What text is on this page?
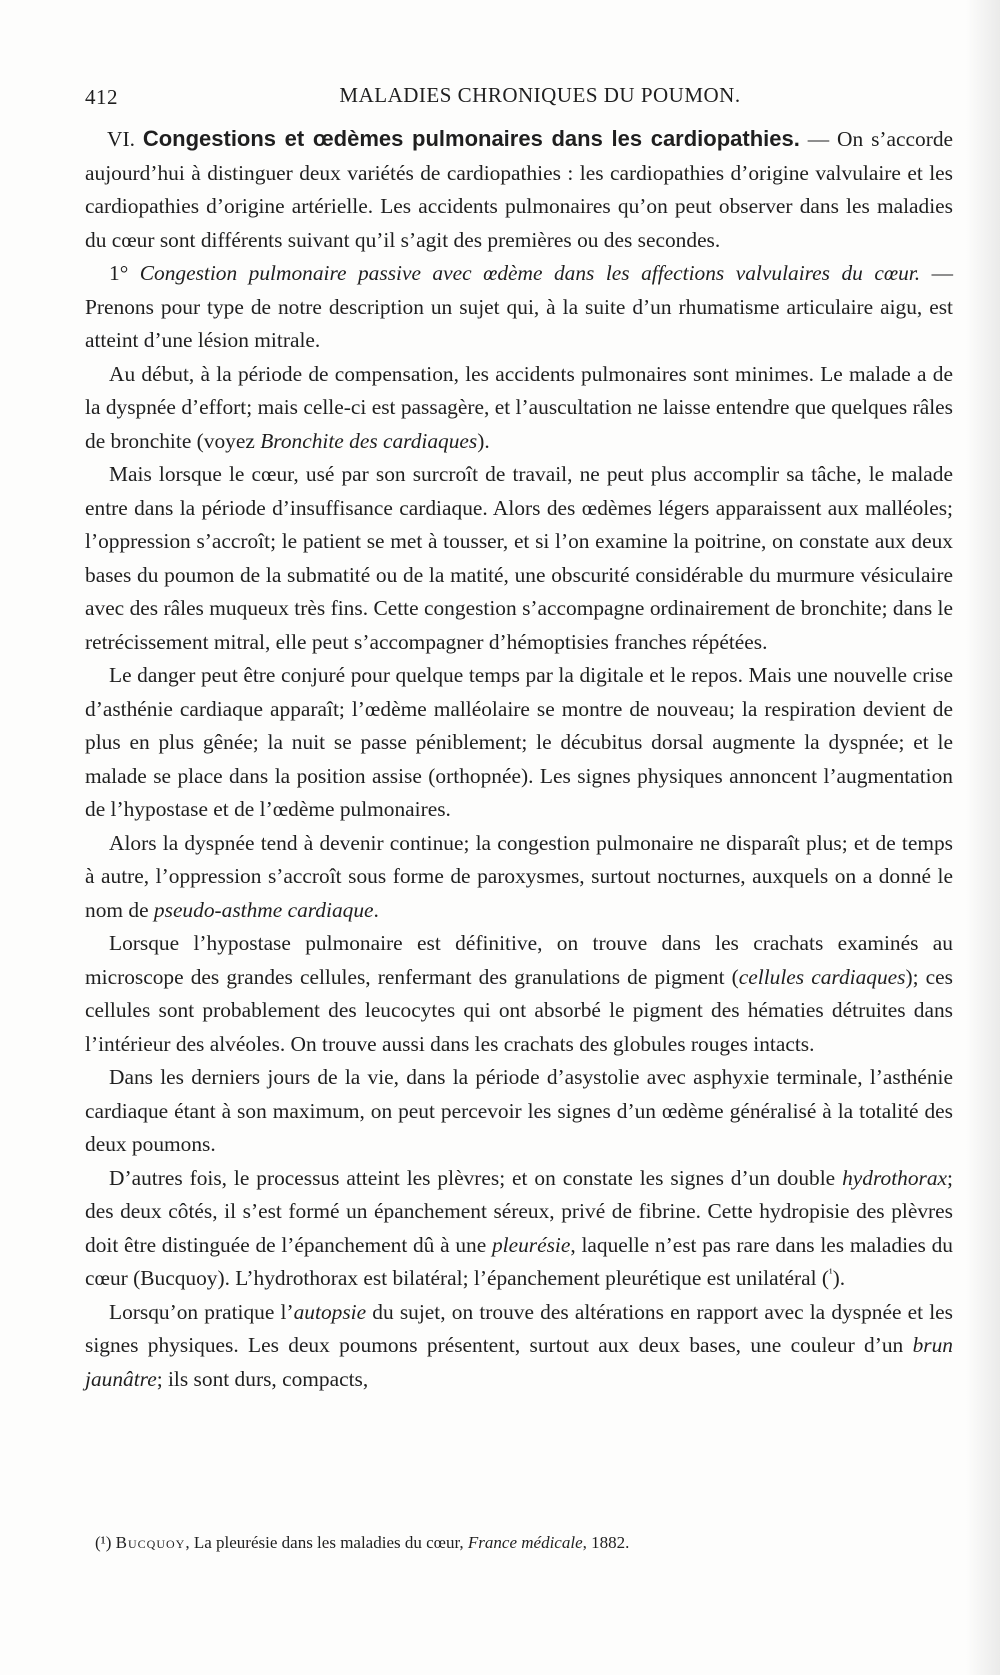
412	MALADIES CHRONIQUES DU POUMON.

VI. Congestions et œdèmes pulmonaires dans les cardiopathies. — On s’accorde aujourd’hui à distinguer deux variétés de cardiopathies : les cardiopathies d’origine valvulaire et les cardiopathies d’origine artérielle. Les accidents pulmonaires qu’on peut observer dans les maladies du cœur sont différents suivant qu’il s’agit des premières ou des secondes.

1° Congestion pulmonaire passive avec œdème dans les affections valvulaires du cœur. — Prenons pour type de notre description un sujet qui, à la suite d’un rhumatisme articulaire aigu, est atteint d’une lésion mitrale.

Au début, à la période de compensation, les accidents pulmonaires sont minimes. Le malade a de la dyspnée d’effort; mais celle-ci est passagère, et l’auscultation ne laisse entendre que quelques râles de bronchite (voyez Bronchite des cardiaques).

Mais lorsque le cœur, usé par son surcroît de travail, ne peut plus accomplir sa tâche, le malade entre dans la période d’insuffisance cardiaque. Alors des œdèmes légers apparaissent aux malléoles; l’oppression s’accroît; le patient se met à tousser, et si l’on examine la poitrine, on constate aux deux bases du poumon de la submatité ou de la matité, une obscurité considérable du murmure vésiculaire avec des râles muqueux très fins. Cette congestion s’accompagne ordinairement de bronchite; dans le retrécissement mitral, elle peut s’accompagner d’hémoptisies franches répétées.

Le danger peut être conjuré pour quelque temps par la digitale et le repos. Mais une nouvelle crise d’asthénie cardiaque apparaît; l’œdème malléolaire se montre de nouveau; la respiration devient de plus en plus gênée; la nuit se passe péniblement; le décubitus dorsal augmente la dyspnée; et le malade se place dans la position assise (orthopnée). Les signes physiques annoncent l’augmentation de l’hypostase et de l’œdème pulmonaires.

Alors la dyspnée tend à devenir continue; la congestion pulmonaire ne disparaît plus; et de temps à autre, l’oppression s’accroît sous forme de paroxysmes, surtout nocturnes, auxquels on a donné le nom de pseudo-asthme cardiaque.

Lorsque l’hypostase pulmonaire est définitive, on trouve dans les crachats examinés au microscope des grandes cellules, renfermant des granulations de pigment (cellules cardiaques); ces cellules sont probablement des leucocytes qui ont absorbé le pigment des hématies détruites dans l’intérieur des alvéoles. On trouve aussi dans les crachats des globules rouges intacts.

Dans les derniers jours de la vie, dans la période d’asystolie avec asphyxie terminale, l’asthénie cardiaque étant à son maximum, on peut percevoir les signes d’un œdème généralisé à la totalité des deux poumons.

D’autres fois, le processus atteint les plèvres; et on constate les signes d’un double hydrothorax; des deux côtés, il s’est formé un épanchement séreux, privé de fibrine. Cette hydropisie des plèvres doit être distinguée de l’épanchement dû à une pleurésie, laquelle n’est pas rare dans les maladies du cœur (Bucquoy). L’hydrothorax est bilatéral; l’épanchement pleurétique est unilatéral ($^{^1}$).

Lorsqu’on pratique l’autopsie du sujet, on trouve des altérations en rapport avec la dyspnée et les signes physiques. Les deux poumons présentent, surtout aux deux bases, une couleur d’un brun jaunâtre; ils sont durs, compacts,

(¹) Bucquoy, La pleurésie dans les maladies du cœur, France médicale, 1882.
